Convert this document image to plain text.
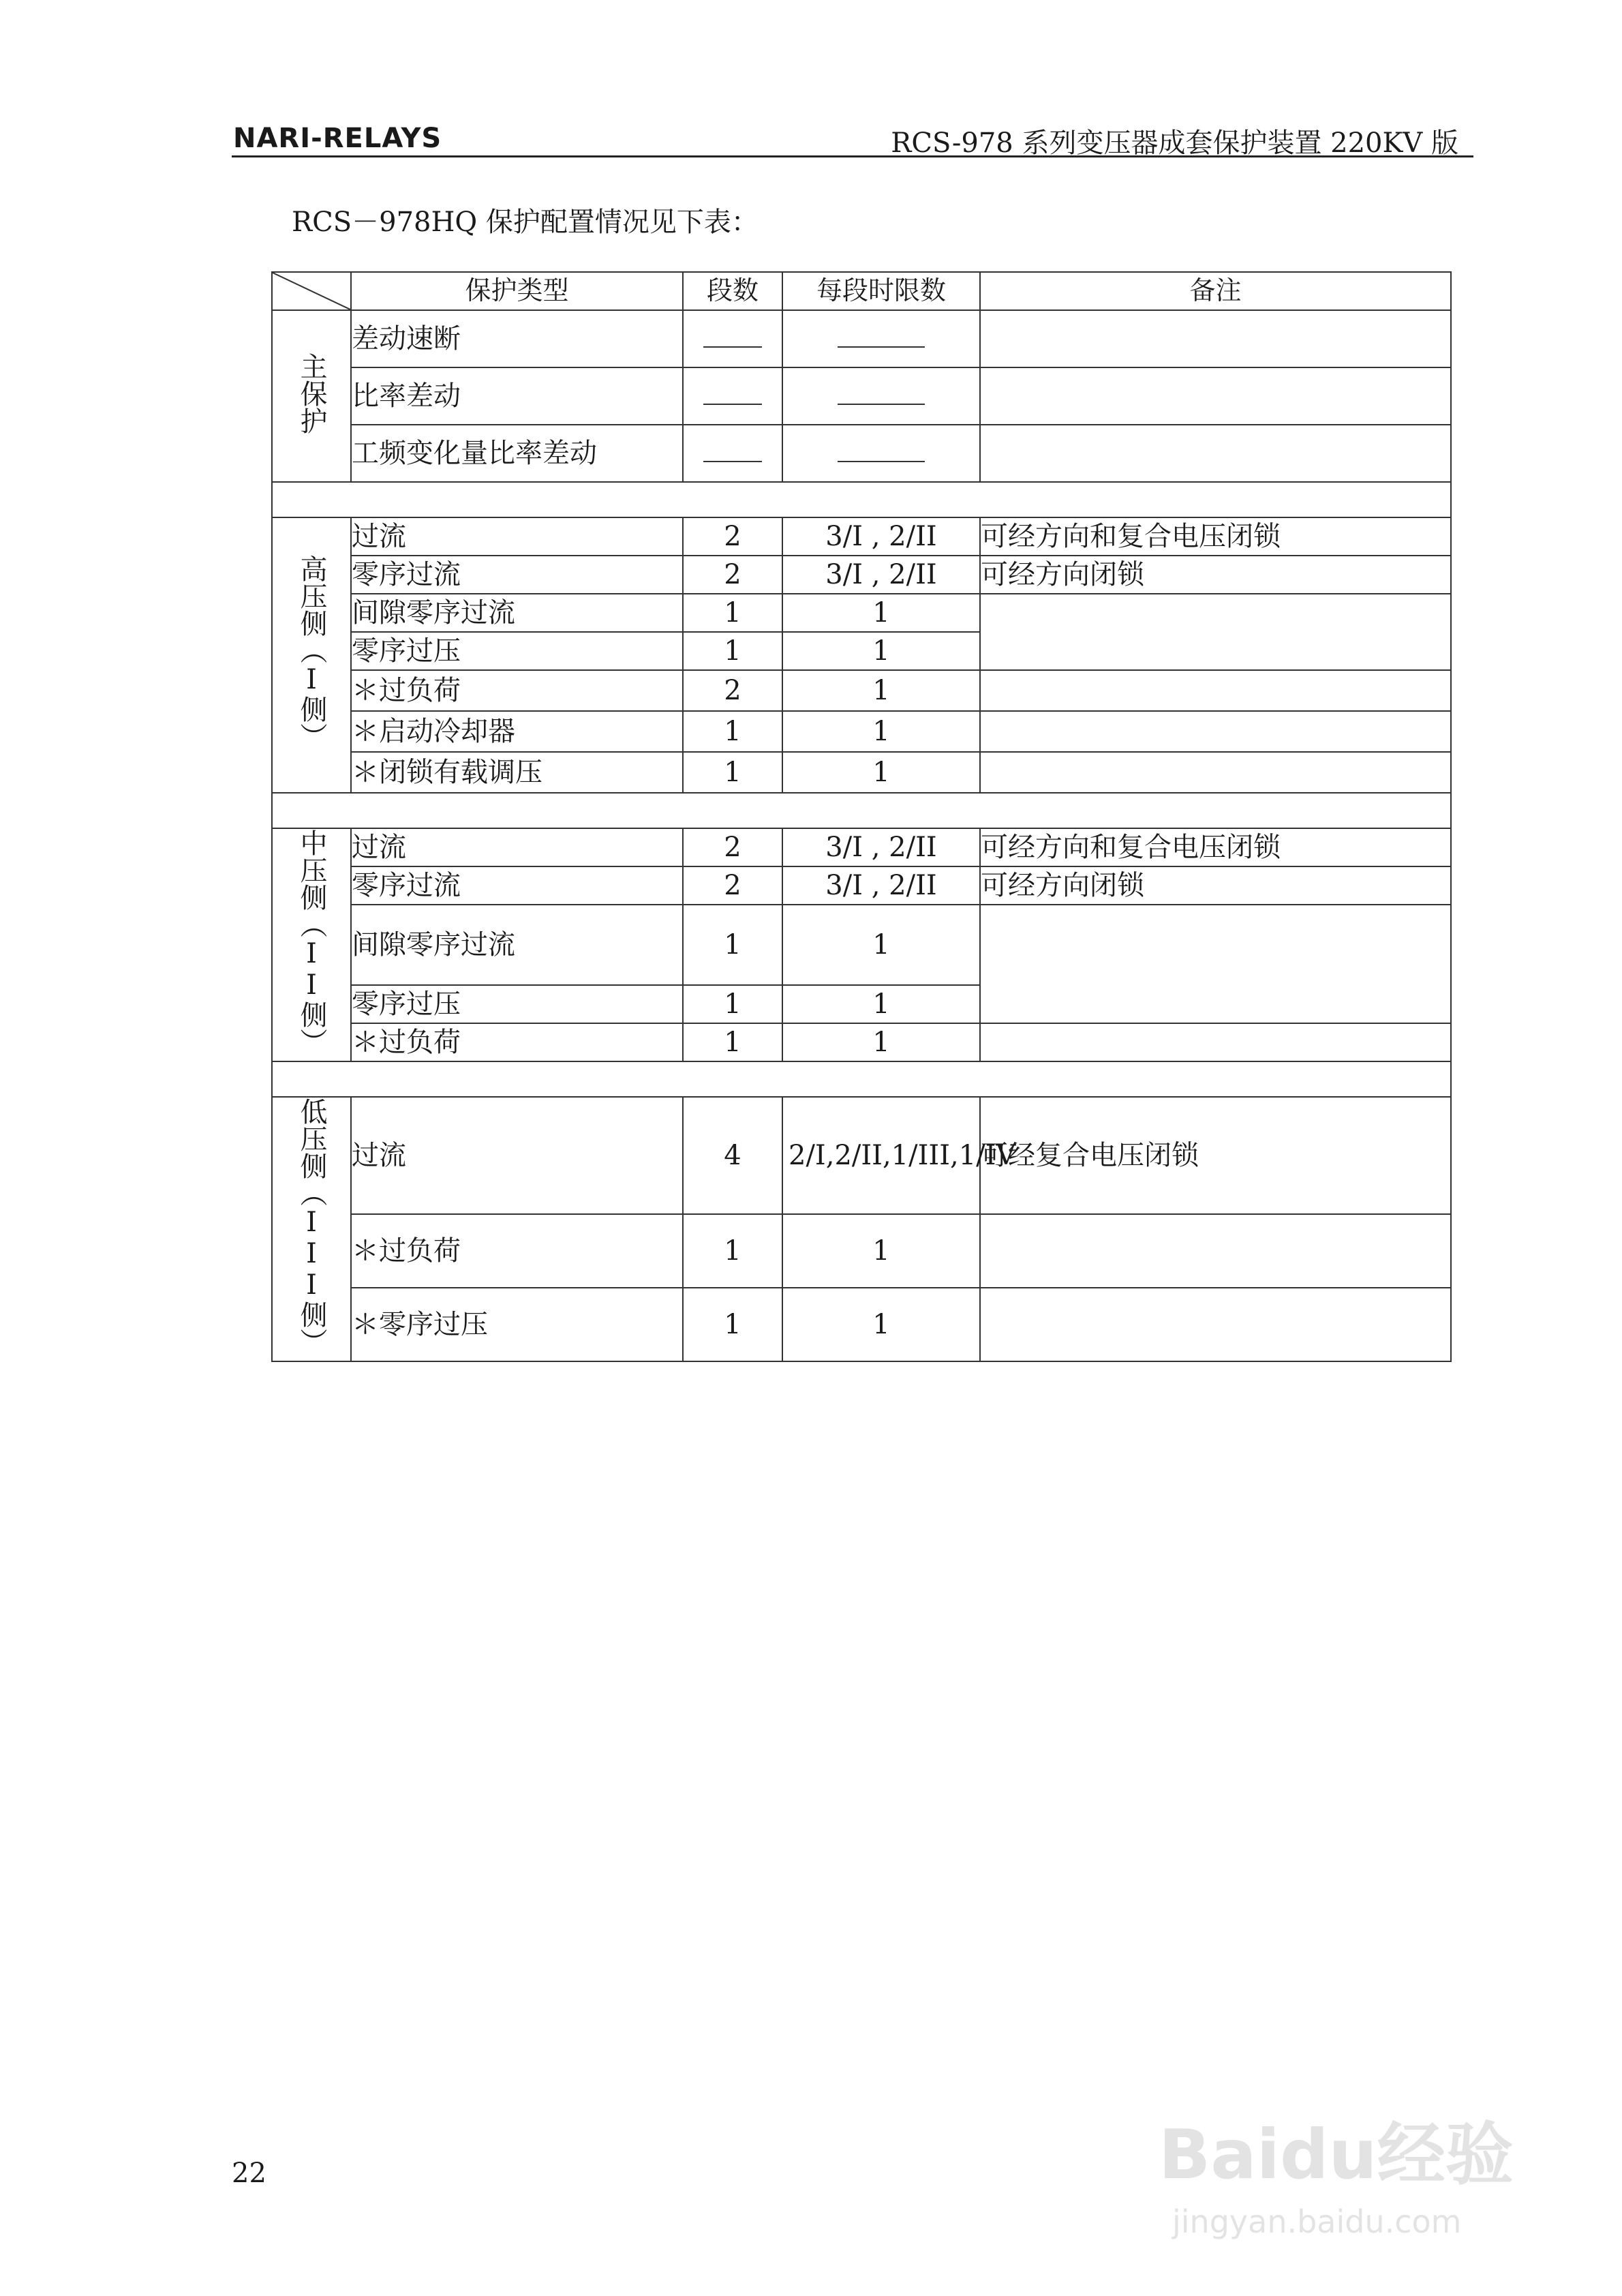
NARI-RELAYS	RCS-978 系列变压器成套保护装置 220KV 版
RCS－978HQ 保护配置情况见下表：
	保护类型	段数	每段时限数	备注
主保护	差动速断			
	比率差动			
	工频变化量比率差动			

高压侧（I侧）	过流	2	3/I , 2/II	可经方向和复合电压闭锁
	零序过流	2	3/I , 2/II	可经方向闭锁
	间隙零序过流	1	1	
	零序过压	1	1	
	＊过负荷	2	1	
	＊启动冷却器	1	1	
	＊闭锁有载调压	1	1	

中压侧（II侧）	过流	2	3/I , 2/II	可经方向和复合电压闭锁
	零序过流	2	3/I , 2/II	可经方向闭锁
	间隙零序过流	1	1	
	零序过压	1	1	
	＊过负荷	1	1	

低压侧（III侧）	过流	4	2/I,2/II,1/III,1/IV	可经复合电压闭锁
	＊过负荷	1	1	
	＊零序过压	1	1	
22	Baidu经验
jingyan.baidu.com
